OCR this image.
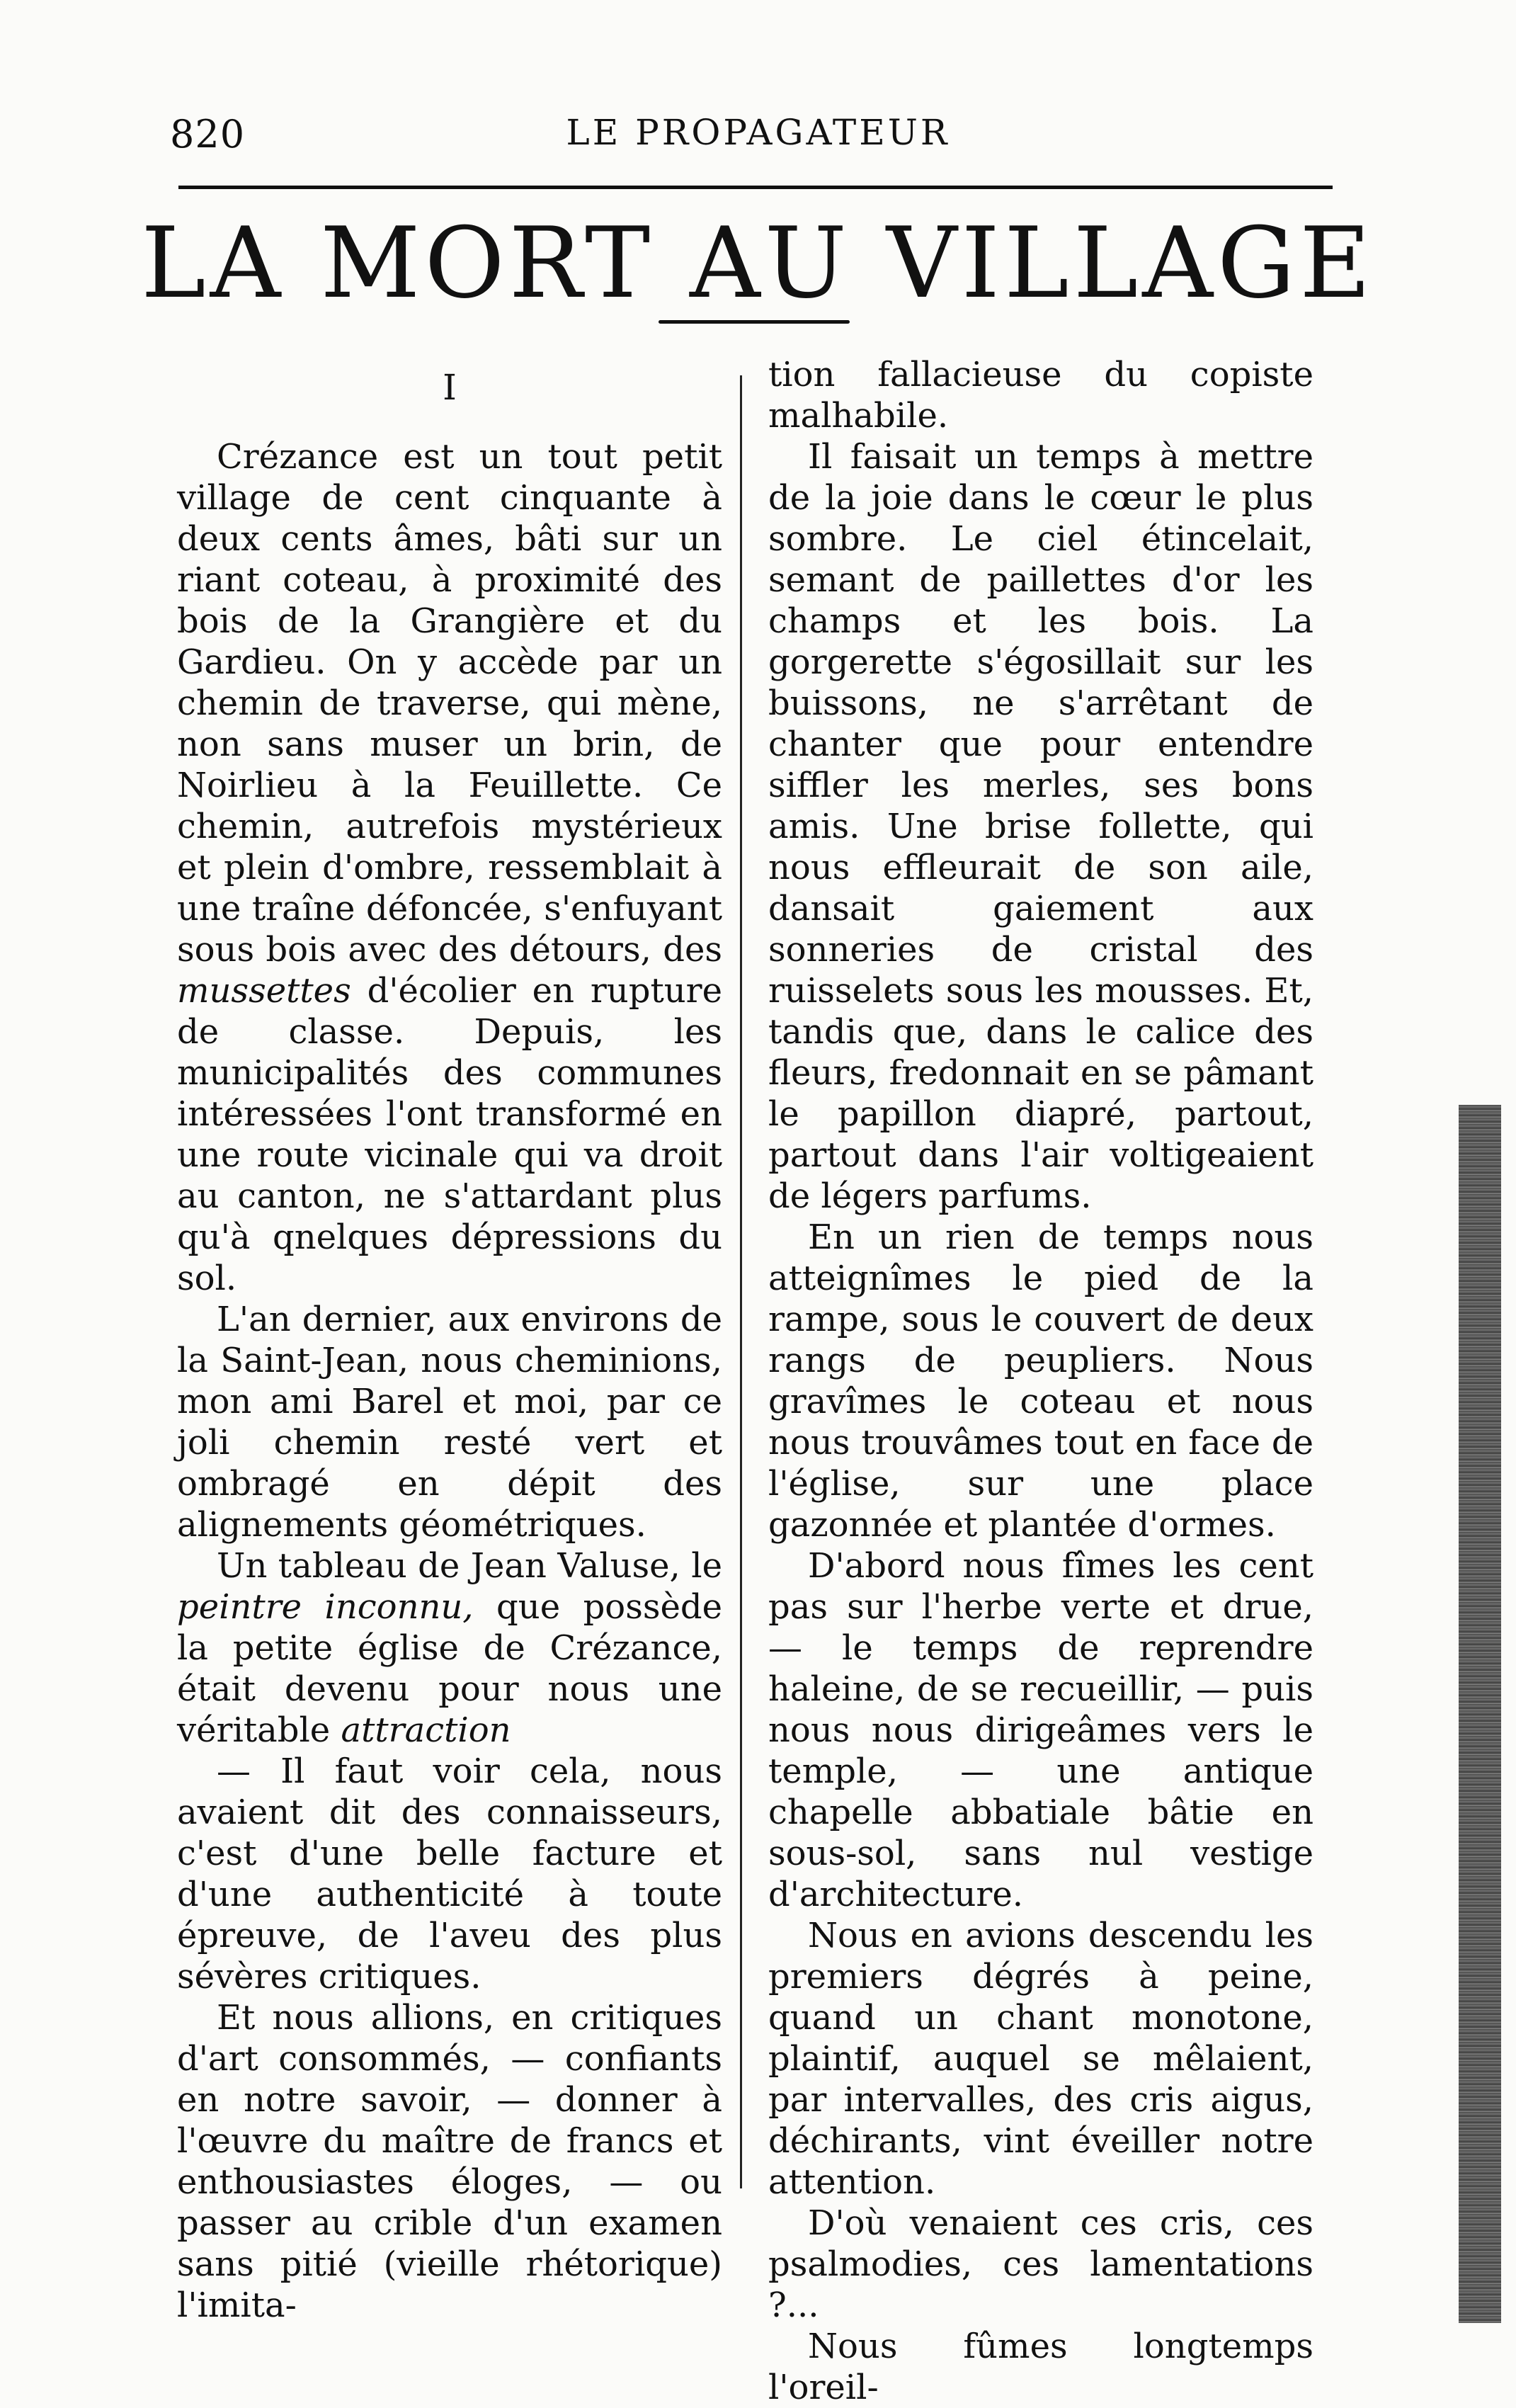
820	LE PROPAGATEUR
LA MORT AU VILLAGE
I

Crézance est un tout petit village de cent cinquante à deux cents âmes, bâti sur un riant coteau, à proximité des bois de la Grangière et du Gardieu. On y accède par un chemin de traverse, qui mène, non sans muser un brin, de Noirlieu à la Feuillette. Ce chemin, autrefois mystérieux et plein d'ombre, ressemblait à une traîne défoncée, s'enfuyant sous bois avec des détours, des mussettes d'écolier en rupture de classe. Depuis, les municipalités des communes intéressées l'ont transformé en une route vicinale qui va droit au canton, ne s'attardant plus qu'à qnelques dépressions du sol.

L'an dernier, aux environs de la Saint-Jean, nous cheminions, mon ami Barel et moi, par ce joli chemin resté vert et ombragé en dépit des alignements géométriques.

Un tableau de Jean Valuse, le peintre inconnu, que possède la petite église de Crézance, était devenu pour nous une véritable attraction

— Il faut voir cela, nous avaient dit des connaisseurs, c'est d'une belle facture et d'une authenticité à toute épreuve, de l'aveu des plus sévères critiques.

Et nous allions, en critiques d'art consommés, — confiants en notre savoir, — donner à l'œuvre du maître de francs et enthousiastes éloges, — ou passer au crible d'un examen sans pitié (vieille rhétorique) l'imita-

tion fallacieuse du copiste malhabile.

Il faisait un temps à mettre de la joie dans le cœur le plus sombre. Le ciel étincelait, semant de paillettes d'or les champs et les bois. La gorgerette s'égosillait sur les buissons, ne s'arrêtant de chanter que pour entendre siffler les merles, ses bons amis. Une brise follette, qui nous effleurait de son aile, dansait gaiement aux sonneries de cristal des ruisselets sous les mousses. Et, tandis que, dans le calice des fleurs, fredonnait en se pâmant le papillon diapré, partout, partout dans l'air voltigeaient de légers parfums.

En un rien de temps nous atteignîmes le pied de la rampe, sous le couvert de deux rangs de peupliers. Nous gravîmes le coteau et nous nous trouvâmes tout en face de l'église, sur une place gazonnée et plantée d'ormes.

D'abord nous fîmes les cent pas sur l'herbe verte et drue, — le temps de reprendre haleine, de se recueillir, — puis nous nous dirigeâmes vers le temple, — une antique chapelle abbatiale bâtie en sous-sol, sans nul vestige d'architecture.

Nous en avions descendu les premiers dégrés à peine, quand un chant monotone, plaintif, auquel se mêlaient, par intervalles, des cris aigus, déchirants, vint éveiller notre attention.

D'où venaient ces cris, ces psalmodies, ces lamentations ?...

Nous fûmes longtemps l'oreil-
